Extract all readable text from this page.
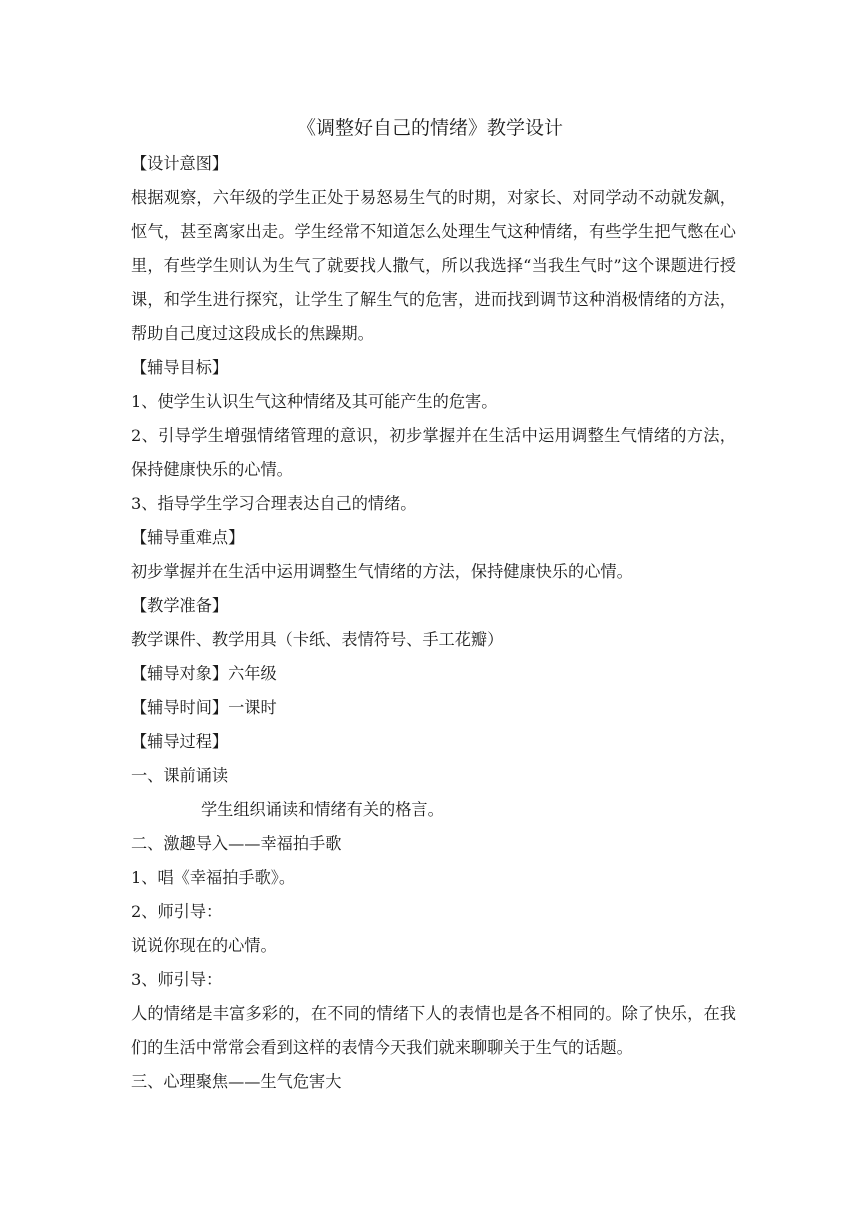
《调整好自己的情绪》教学设计

【设计意图】

根据观察，六年级的学生正处于易怒易生气的时期，对家长、对同学动不动就发飙，怄气，甚至离家出走。学生经常不知道怎么处理生气这种情绪，有些学生把气憋在心里，有些学生则认为生气了就要找人撒气，所以我选择“当我生气时”这个课题进行授课，和学生进行探究，让学生了解生气的危害，进而找到调节这种消极情绪的方法，帮助自己度过这段成长的焦躁期。

【辅导目标】

1、使学生认识生气这种情绪及其可能产生的危害。

2、引导学生增强情绪管理的意识，初步掌握并在生活中运用调整生气情绪的方法，保持健康快乐的心情。

3、指导学生学习合理表达自己的情绪。

【辅导重难点】

初步掌握并在生活中运用调整生气情绪的方法，保持健康快乐的心情。

【教学准备】

教学课件、教学用具（卡纸、表情符号、手工花瓣）

【辅导对象】六年级

【辅导时间】一课时

【辅导过程】

一、课前诵读

学生组织诵读和情绪有关的格言。

二、激趣导入——幸福拍手歌

1、唱《幸福拍手歌》。

2、师引导：

说说你现在的心情。

3、师引导：

人的情绪是丰富多彩的，在不同的情绪下人的表情也是各不相同的。除了快乐，在我们的生活中常常会看到这样的表情今天我们就来聊聊关于生气的话题。

三、心理聚焦——生气危害大
